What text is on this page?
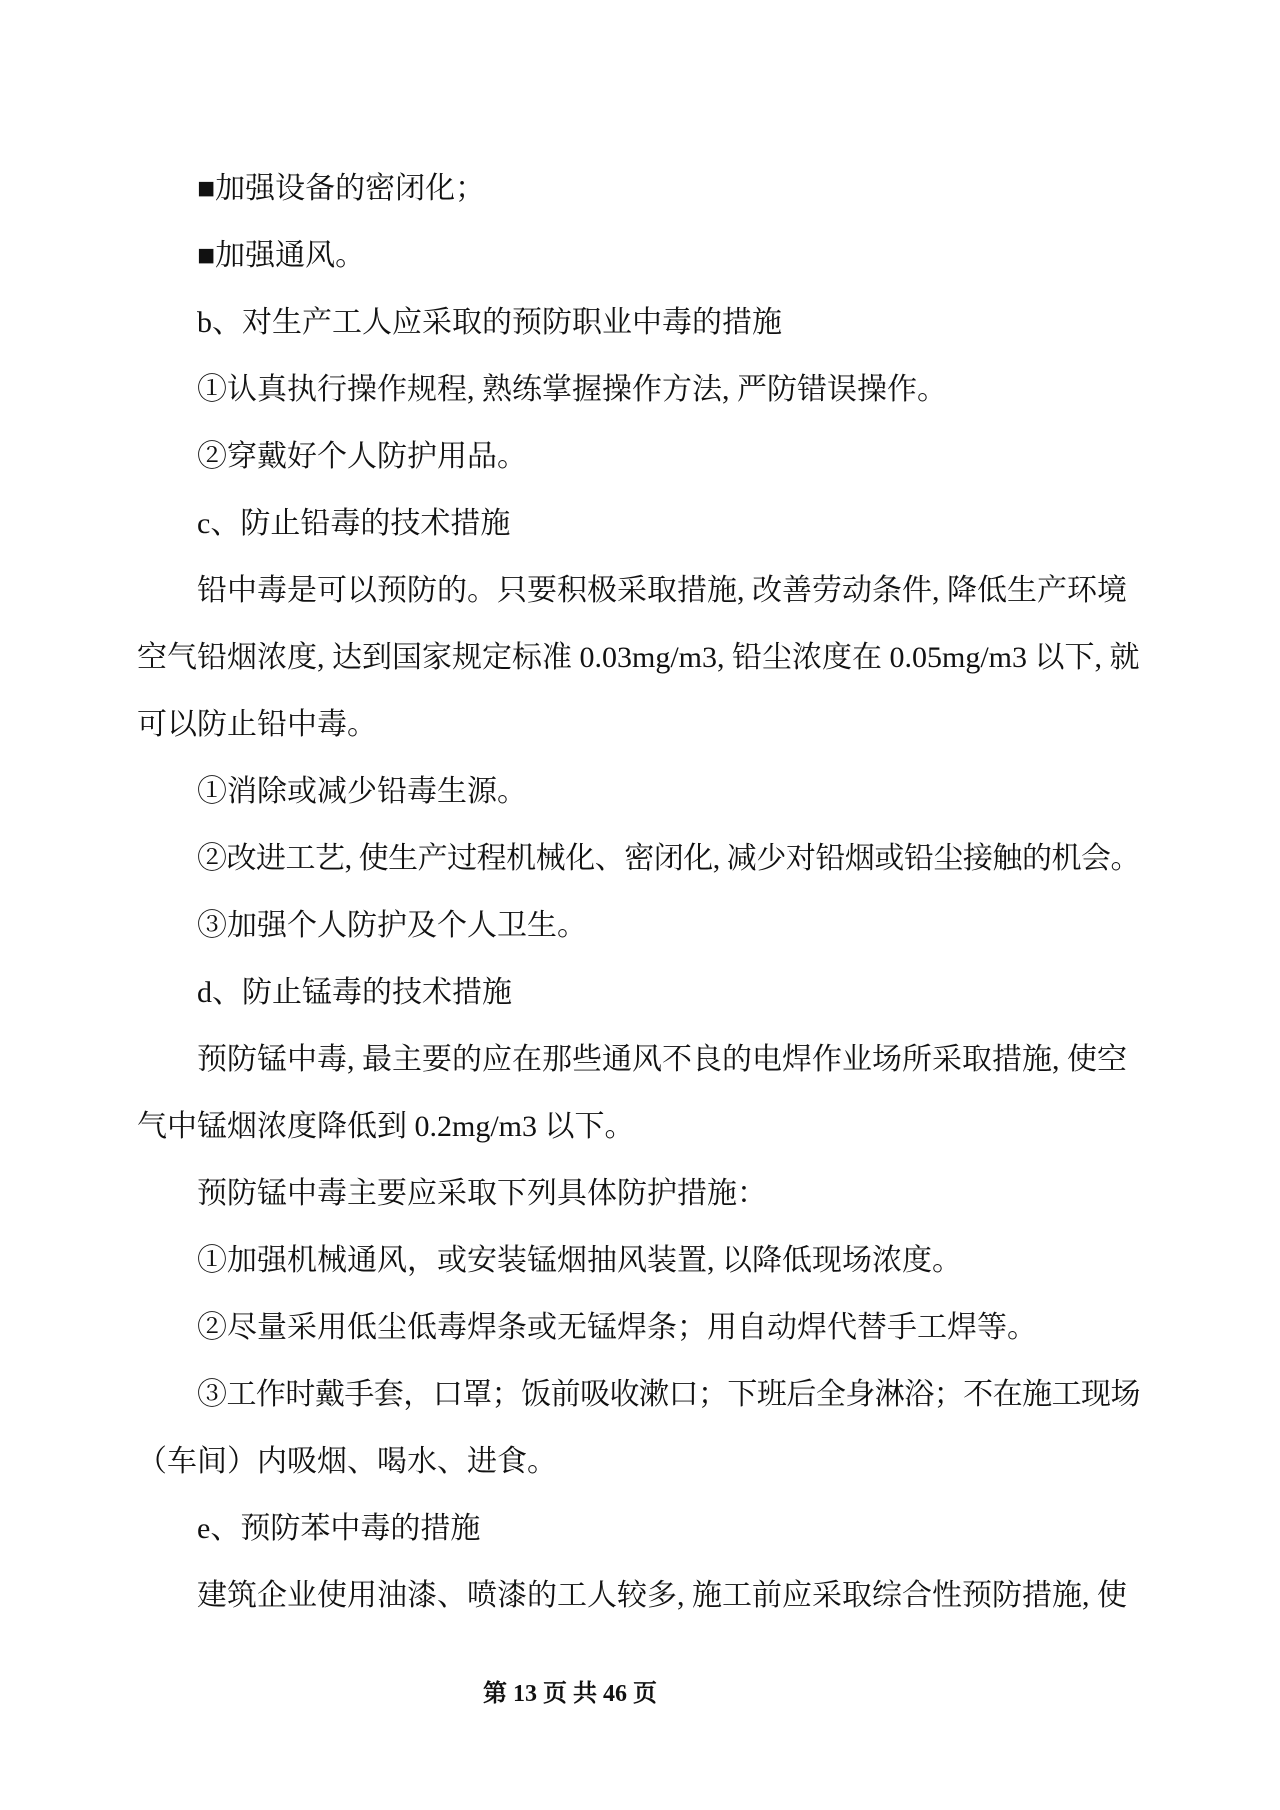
■加强设备的密闭化；
■加强通风。
b、对生产工人应采取的预防职业中毒的措施
①认真执行操作规程, 熟练掌握操作方法, 严防错误操作。
②穿戴好个人防护用品。
c、防止铅毒的技术措施
铅中毒是可以预防的。只要积极采取措施, 改善劳动条件, 降低生产环境
空气铅烟浓度, 达到国家规定标准 0.03mg/m3, 铅尘浓度在 0.05mg/m3 以下, 就
可以防止铅中毒。
①消除或减少铅毒生源。
②改进工艺, 使生产过程机械化、密闭化, 减少对铅烟或铅尘接触的机会。
③加强个人防护及个人卫生。
d、防止锰毒的技术措施
预防锰中毒, 最主要的应在那些通风不良的电焊作业场所采取措施, 使空
气中锰烟浓度降低到 0.2mg/m3 以下。
预防锰中毒主要应采取下列具体防护措施：
①加强机械通风，或安装锰烟抽风装置, 以降低现场浓度。
②尽量采用低尘低毒焊条或无锰焊条；用自动焊代替手工焊等。
③工作时戴手套，口罩；饭前吸收漱口；下班后全身淋浴；不在施工现场
（车间）内吸烟、喝水、进食。
e、预防苯中毒的措施
建筑企业使用油漆、喷漆的工人较多, 施工前应采取综合性预防措施, 使
第 13 页 共 46 页
